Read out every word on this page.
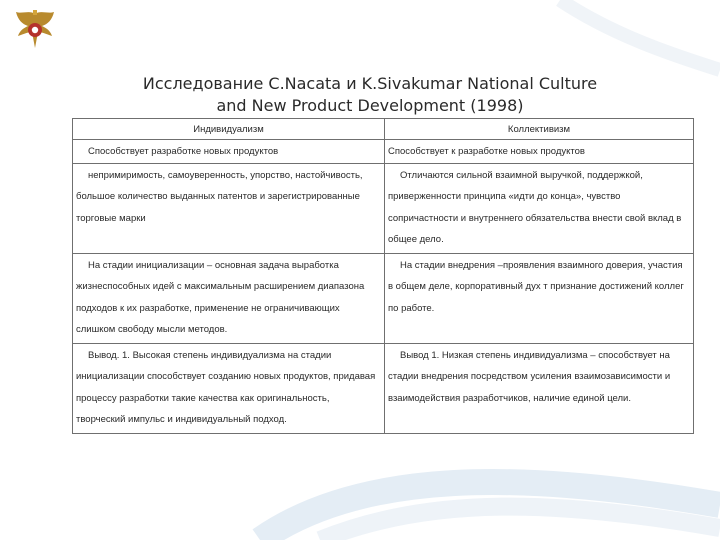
Исследование C.Nacata и K.Sivakumar National Culture
and New Product Development (1998)
Индивидуализм	Коллективизм

Способствует разработке новых продуктов	Способствует к разработке новых продуктов

непримиримость, самоуверенность, упорство, настойчивость, большое количество выданных патентов и зарегистрированные торговые марки	Отличаются сильной взаимной выручкой, поддержкой, приверженности принципа «идти до конца», чувство сопричастности и внутреннего обязательства внести свой вклад в общее дело.

На стадии инициализации – основная задача выработка жизнеспособных идей с максимальным расширением диапазона подходов к их разработке, применение не ограничивающих слишком свободу мысли методов.	На стадии внедрения –проявления взаимного доверия, участия в общем деле, корпоративный дух т признание достижений коллег по работе.

Вывод. 1. Высокая степень индивидуализма на стадии инициализации способствует созданию новых продуктов, придавая процессу разработки такие качества как оригинальность, творческий импульс и индивидуальный подход.	Вывод 1. Низкая степень индивидуализма – способствует на стадии внедрения посредством усиления взаимозависимости и взаимодействия разработчиков, наличие единой цели.
